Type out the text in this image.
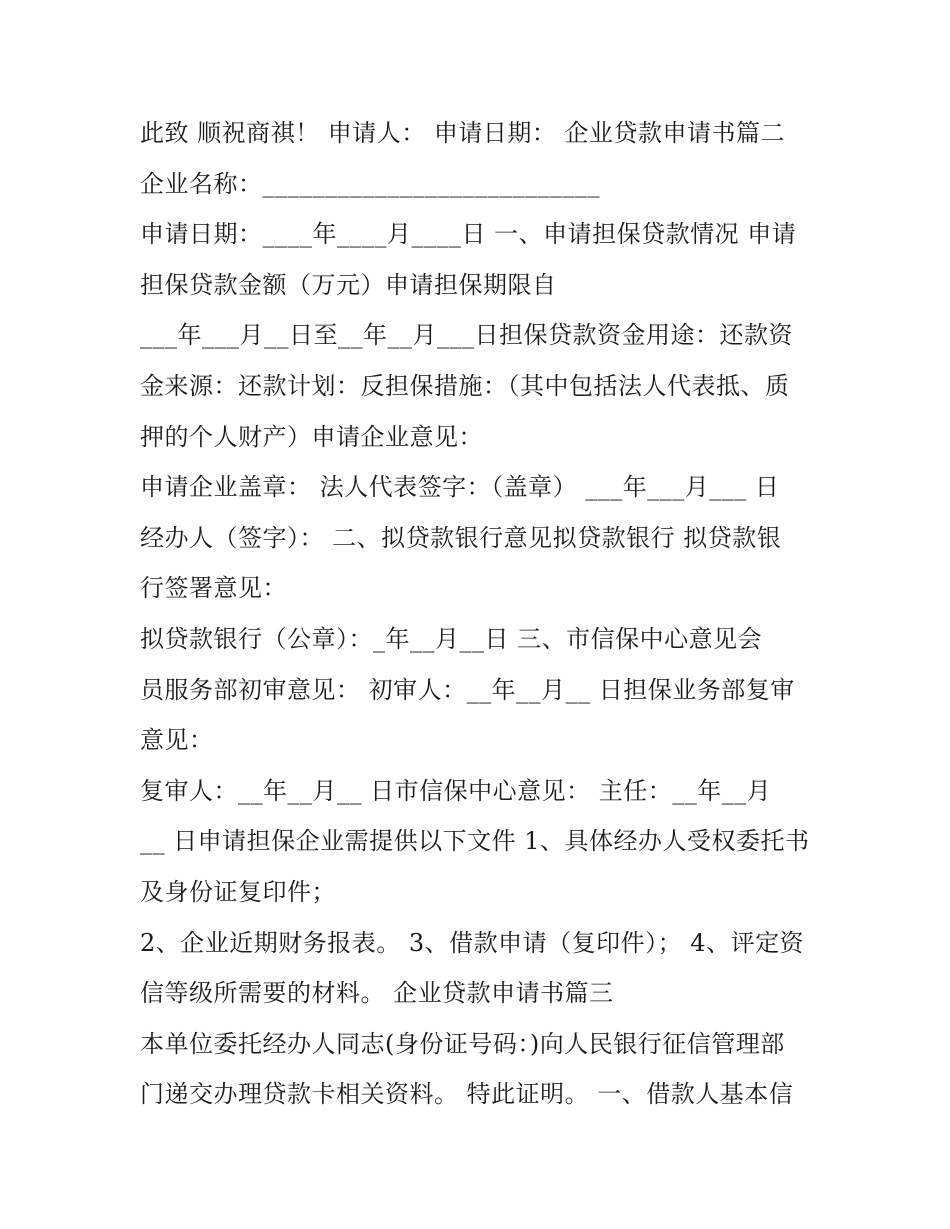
此致 顺祝商祺！ 申请人： 申请日期： 企业贷款申请书篇二
企业名称：___________________________
申请日期：____年____月____日 一、申请担保贷款情况 申请
担保贷款金额（万元）申请担保期限自
___年___月__日至__年__月___日担保贷款资金用途：还款资
金来源：还款计划：反担保措施：（其中包括法人代表抵、质
押的个人财产）申请企业意见：
申请企业盖章： 法人代表签字：（盖章） ___年___月___ 日
经办人（签字）： 二、拟贷款银行意见拟贷款银行 拟贷款银
行签署意见：
拟贷款银行（公章）：_年__月__日 三、市信保中心意见会
员服务部初审意见： 初审人：__年__月__ 日担保业务部复审
意见：
复审人：__年__月__ 日市信保中心意见： 主任：__年__月
__ 日申请担保企业需提供以下文件 1、具体经办人受权委托书
及身份证复印件；
2、企业近期财务报表。 3、借款申请（复印件）； 4、评定资
信等级所需要的材料。 企业贷款申请书篇三
本单位委托经办人同志(身份证号码：)向人民银行征信管理部
门递交办理贷款卡相关资料。 特此证明。 一、借款人基本信
